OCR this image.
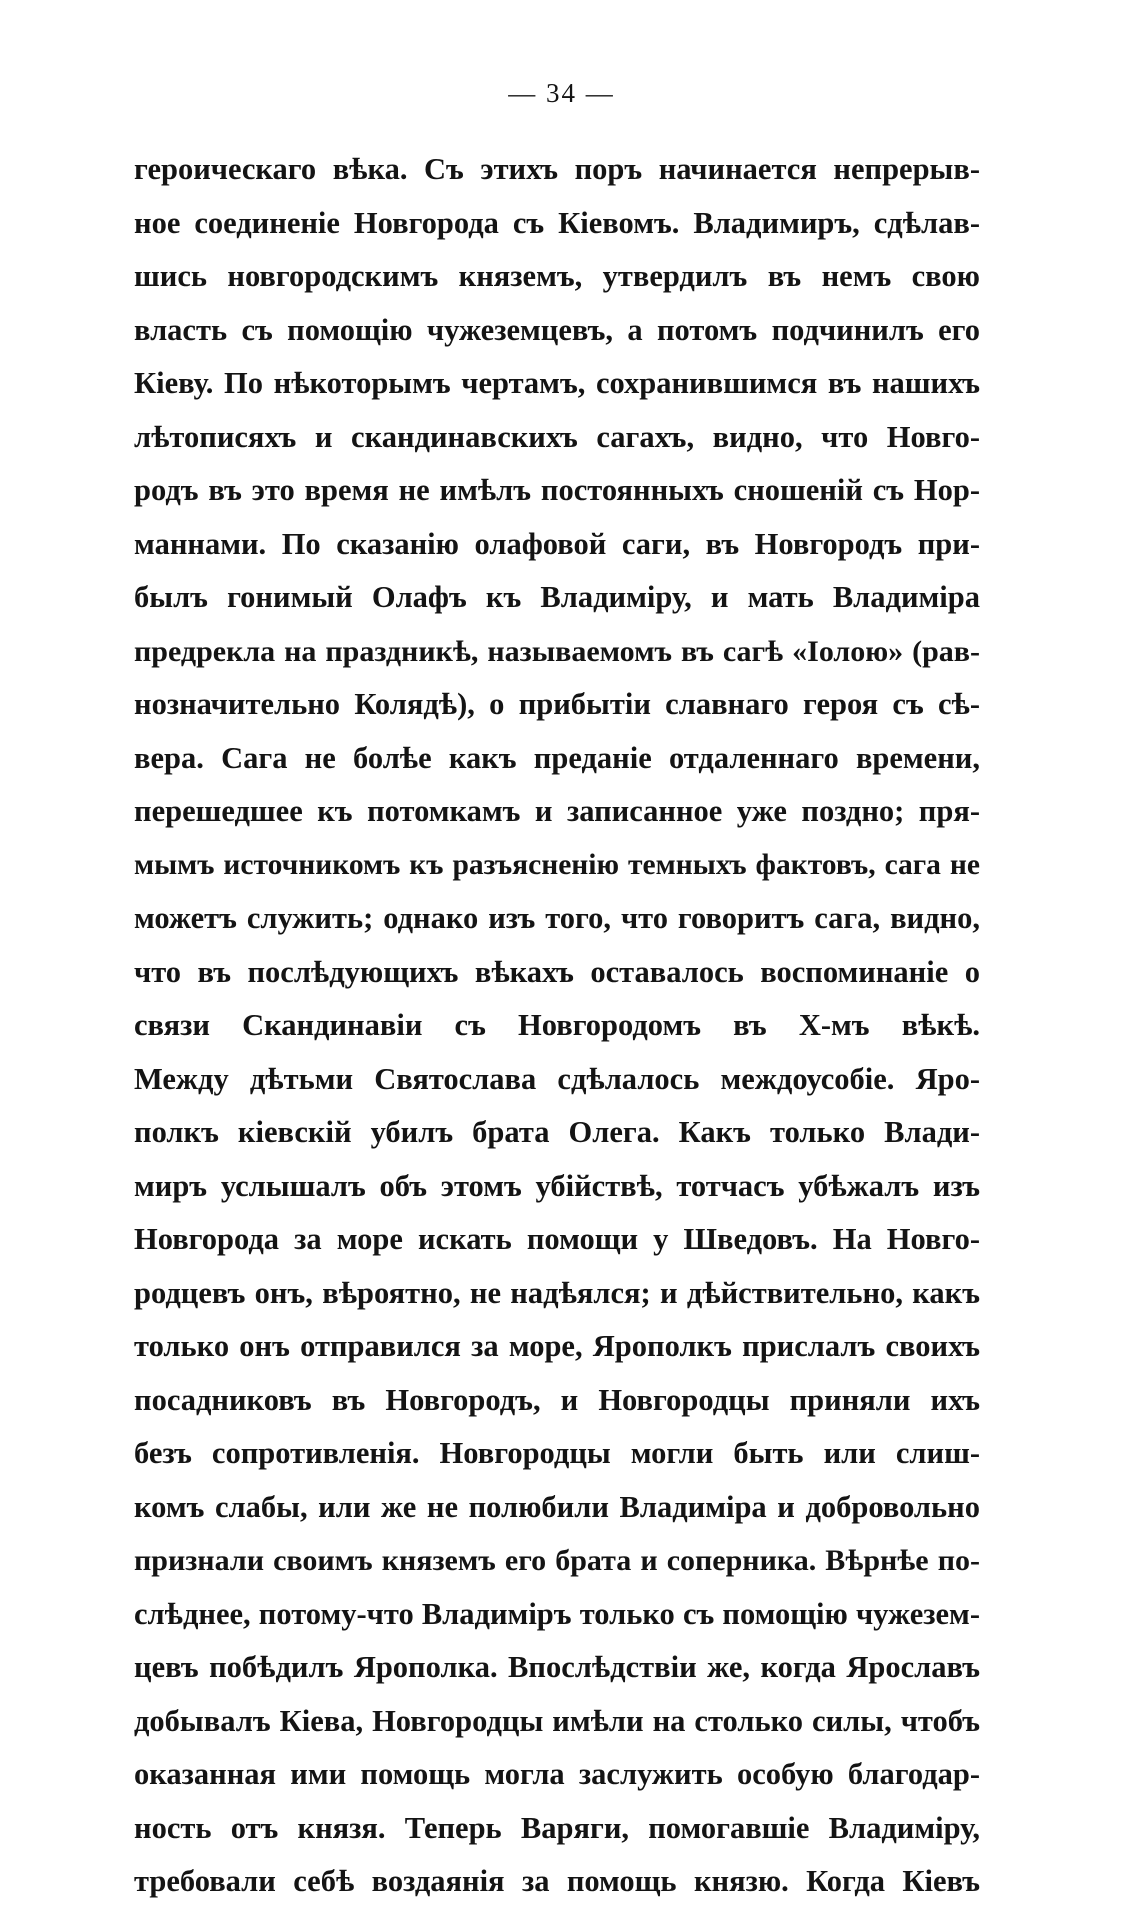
— 34 —
героическаго вѣка. Съ этихъ поръ начинается непрерыв-
ное соединеніе Новгорода съ Кіевомъ. Владимиръ, сдѣлав-
шись новгородскимъ княземъ, утвердилъ въ немъ свою
власть съ помощію чужеземцевъ, а потомъ подчинилъ его
Кіеву. По нѣкоторымъ чертамъ, сохранившимся въ нашихъ
лѣтописяхъ и скандинавскихъ сагахъ, видно, что Новго-
родъ въ это время не имѣлъ постоянныхъ сношеній съ Нор-
маннами. По сказанію олафовой саги, въ Новгородъ при-
былъ гонимый Олафъ къ Владиміру, и мать Владиміра
предрекла на праздникѣ, называемомъ въ сагѣ «Іолою» (рав-
нозначительно Колядѣ), о прибытіи славнаго героя съ сѣ-
вера. Сага не болѣе какъ преданіе отдаленнаго времени,
перешедшее къ потомкамъ и записанное уже поздно; пря-
мымъ источникомъ къ разъясненію темныхъ фактовъ, сага не
можетъ служить; однако изъ того, что говоритъ сага, видно,
что въ послѣдующихъ вѣкахъ оставалось воспоминаніе о
связи Скандинавіи съ Новгородомъ въ Х-мъ вѣкѣ.
Между дѣтьми Святослава сдѣлалось междоусобіе. Яро-
полкъ кіевскій убилъ брата Олега. Какъ только Влади-
миръ услышалъ объ этомъ убійствѣ, тотчасъ убѣжалъ изъ
Новгорода за море искать помощи у Шведовъ. На Новго-
родцевъ онъ, вѣроятно, не надѣялся; и дѣйствительно, какъ
только онъ отправился за море, Ярополкъ прислалъ своихъ
посадниковъ въ Новгородъ, и Новгородцы приняли ихъ
безъ сопротивленія. Новгородцы могли быть или слиш-
комъ слабы, или же не полюбили Владиміра и добровольно
признали своимъ княземъ его брата и соперника. Вѣрнѣе по-
слѣднее, потому-что Владиміръ только съ помощію чужезем-
цевъ побѣдилъ Ярополка. Впослѣдствіи же, когда Ярославъ
добывалъ Кіева, Новгородцы имѣли на столько силы, чтобъ
оказанная ими помощь могла заслужить особую благодар-
ность отъ князя. Теперь Варяги, помогавшіе Владиміру,
требовали себѣ воздаянія за помощь князю. Когда Кіевъ
